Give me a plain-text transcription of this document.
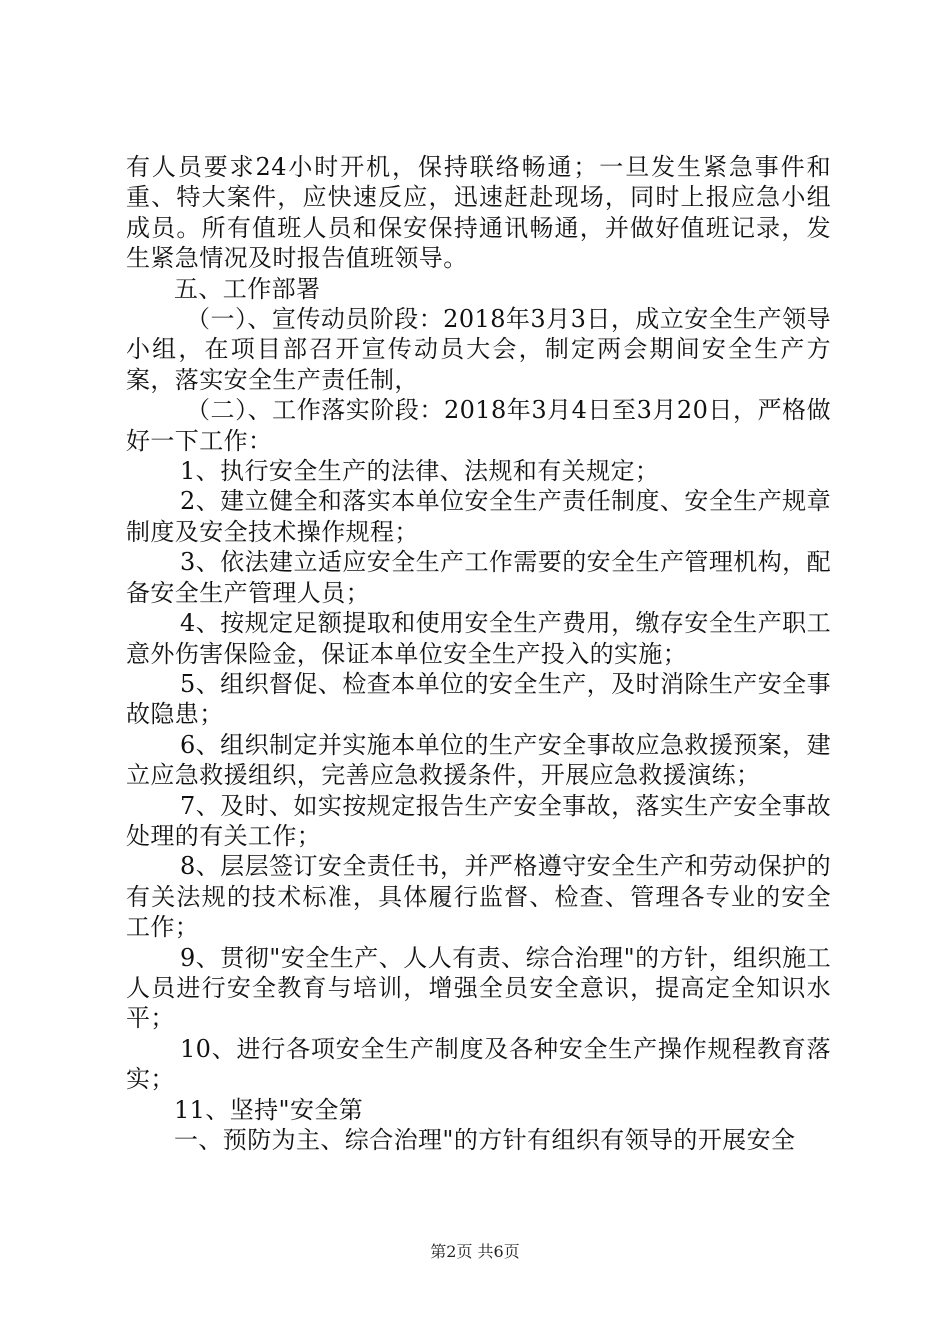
有人员要求24小时开机，保持联络畅通；一旦发生紧急事件和重、特大案件，应快速反应，迅速赶赴现场，同时上报应急小组成员。所有值班人员和保安保持通讯畅通，并做好值班记录，发生紧急情况及时报告值班领导。

五、工作部署

（一）、宣传动员阶段：2018年3月3日，成立安全生产领导小组，在项目部召开宣传动员大会，制定两会期间安全生产方案，落实安全生产责任制，

（二）、工作落实阶段：2018年3月4日至3月20日，严格做好一下工作：

1、执行安全生产的法律、法规和有关规定；

2、建立健全和落实本单位安全生产责任制度、安全生产规章制度及安全技术操作规程；

3、依法建立适应安全生产工作需要的安全生产管理机构，配备安全生产管理人员；

4、按规定足额提取和使用安全生产费用，缴存安全生产职工意外伤害保险金，保证本单位安全生产投入的实施；

5、组织督促、检查本单位的安全生产，及时消除生产安全事故隐患；

6、组织制定并实施本单位的生产安全事故应急救援预案，建立应急救援组织，完善应急救援条件，开展应急救援演练；

7、及时、如实按规定报告生产安全事故，落实生产安全事故处理的有关工作；

8、层层签订安全责任书，并严格遵守安全生产和劳动保护的有关法规的技术标准，具体履行监督、检查、管理各专业的安全工作；

9、贯彻"安全生产、人人有责、综合治理"的方针，组织施工人员进行安全教育与培训，增强全员安全意识，提高定全知识水平；

10、进行各项安全生产制度及各种安全生产操作规程教育落实；

11、坚持"安全第

一、预防为主、综合治理"的方针有组织有领导的开展安全

第2页 共6页
